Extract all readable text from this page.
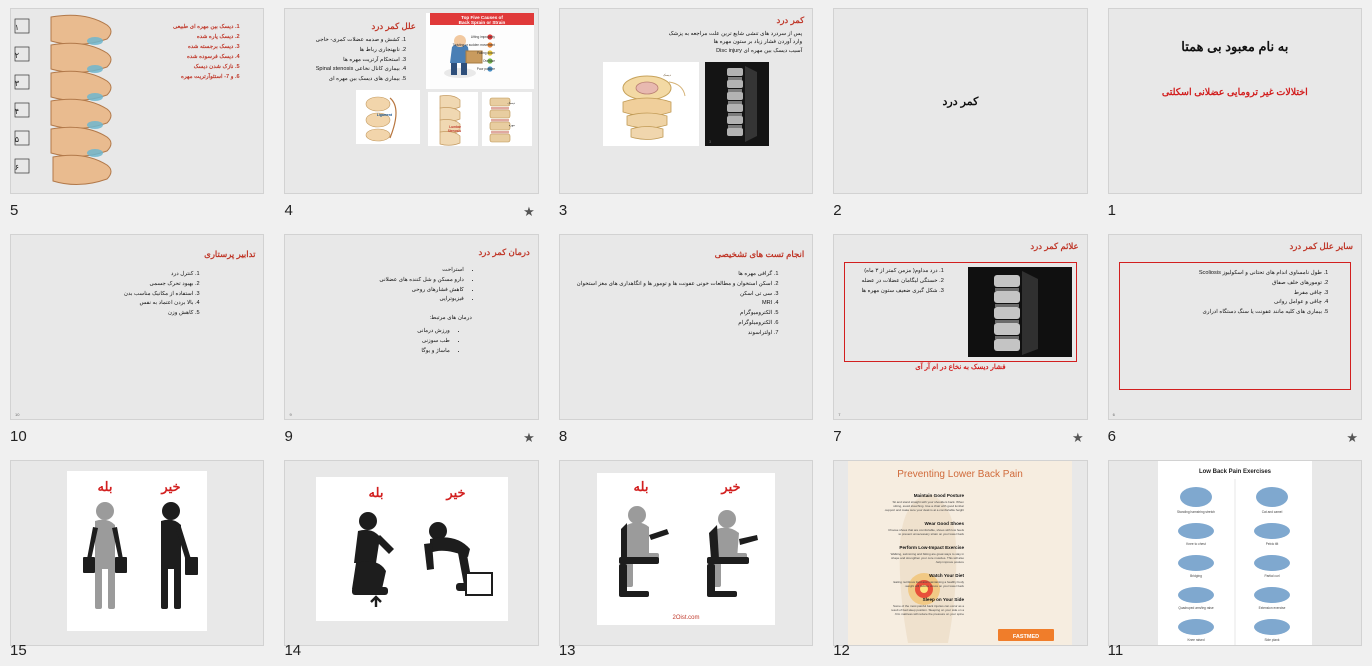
به نام معبود بی همتا
اختلالات غیر ترومایی عضلانی اسکلتی
1
کمر درد
2
کمر درد
پس از سردرد های تنشی شایع ترین علت مراجعه به پزشک
وارد آوردن فشار زیاد بر ستون مهره ها
آسیب دیسک بین مهره ای Disc injury
3
دیسک
3
Top Five Causes of
Back Sprain or Strain
Lifting improperly
Twisting or sudden movement
Falling down
Overuse
Poor posture
دیسک
مهره
Lumbar
Stenosis
علل کمر درد
1. کشش و صدمه عضلات کمری- خاجی
2. نابهنجاری رباط ها
3. استحکام آرتریت مهره ها
4. بیماری کانال نخاعی Spinal stenosis
5. بیماری های دیسک بین مهره ای
Ligament
4	★
1. دیسک بین مهره ای طبیعی
2. دیسک پاره شده
3. دیسک برجسته شده
4. دیسک فرسوده شده
5. نازک شدن دیسک
6. و 7- استئوآرتریت مهره
۱
۲
۳
۴
۵
۶
5
سایر علل کمر درد
1. طول نامساوی اندام های تحتانی و اسکولیوز Scoliosis
2. تومورهای خلف صفاق
3. چاقی مفرط
4. چاقی و عوامل روانی
5. بیماری های کلیه مانند عفونت یا سنگ دستگاه ادراری
6
6	★
علائم کمر درد
1. درد مداوم( مزمن کمتر از ۳ ماه)
2. خستگی لیگامان عضلات در عضله
3. شکل گیری ضعیف ستون مهره ها
فشار دیسک به نخاع در ام آر آی
7
7	★
انجام تست های تشخیصی
1. گرافی مهره ها
2. اسکن استخوان و مطالعات خونی عفونت ها و تومور ها و اتگاهداری های مغز استخوان
3. سی تی اسکن
4. MRI
5. الکترومیوگرام
6. الکترومیلوگرام
7. اولتراسوند
8
درمان کمر درد
• استراحت
• دارو مسکن و شل کننده های عضلانی
• کاهش فشارهای روحی
• فیزیوتراپی
درمان های مرتبط:
• ورزش درمانی
• طب سوزنی
• ماساژ و یوگا
9
9	★
تدابیر پرستاری
1. کنترل درد
2. بهبود تحرک جسمی
3. استفاده از مکانیک مناسب بدن
4. بالا بردن اعتماد به نفس
5. کاهش وزن
10
10
Low Back Pain Exercises
Standing hamstring stretch	Cat and camel
Knee to chest	Pelvic tilt
Bridging	Partial curl
Quadruped arm/leg raise	Extension exercise
Knee raised	Side plank
11
Preventing Lower Back Pain
Maintain Good Posture
Sit and stand straight with your shoulders back. When
sitting, avoid slouching. Use a chair with good lumbar
support and make sure your desk is at a comfortable height.
Wear Good Shoes
Choose shoes that are comfortable, shoes with low heels
to prevent unnecessary strain on your lower back.
Perform Low-Impact Exercise
Walking, swimming and biking are great ways to stay in
shape and strengthen your core muscles. This will also
help improve posture.
Watch Your Diet
Eating nutritious food and maintaining a healthy body
weight will reduce stress on your lower back.
Sleep on Your Side
Some of the most painful back injuries can occur as a
result of bad sleep position. Sleeping on your side on a
firm mattress will reduce the pressure on your spine.
FASTMED
12
بله	خیر
2Oist.com
13
بله	خیر
14
بله	خیر
15
